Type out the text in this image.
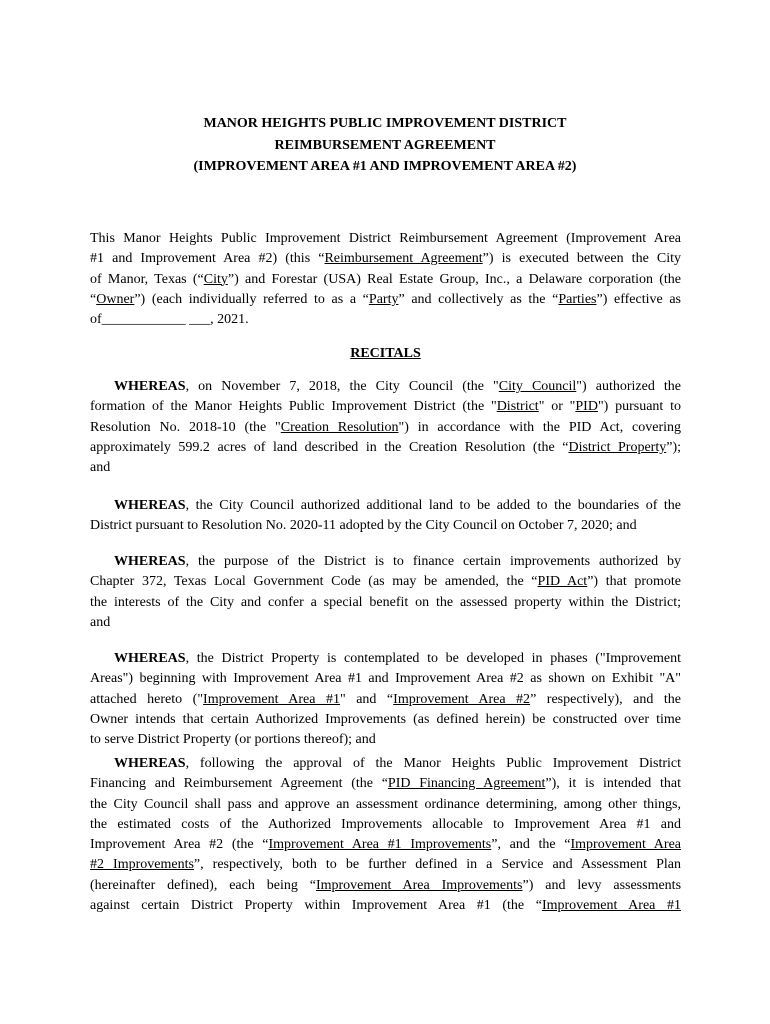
MANOR HEIGHTS PUBLIC IMPROVEMENT DISTRICT
REIMBURSEMENT AGREEMENT
(IMPROVEMENT AREA #1 AND IMPROVEMENT AREA #2)
This Manor Heights Public Improvement District Reimbursement Agreement (Improvement Area
#1 and Improvement Area #2) (this “Reimbursement Agreement”) is executed between the City
of Manor, Texas (“City”) and Forestar (USA) Real Estate Group, Inc., a Delaware corporation (the
“Owner”) (each individually referred to as a “Party” and collectively as the “Parties”) effective as
of____________ ___, 2021.
RECITALS
WHEREAS, on November 7, 2018, the City Council (the "City Council") authorized the
formation of the Manor Heights Public Improvement District (the "District" or "PID") pursuant to
Resolution No. 2018-10 (the "Creation Resolution") in accordance with the PID Act, covering
approximately 599.2 acres of land described in the Creation Resolution (the “District Property”);
and
WHEREAS, the City Council authorized additional land to be added to the boundaries of the
District pursuant to Resolution No. 2020-11 adopted by the City Council on October 7, 2020; and
WHEREAS, the purpose of the District is to finance certain improvements authorized by
Chapter 372, Texas Local Government Code (as may be amended, the “PID Act”) that promote
the interests of the City and confer a special benefit on the assessed property within the District;
and
WHEREAS, the District Property is contemplated to be developed in phases ("Improvement
Areas") beginning with Improvement Area #1 and Improvement Area #2 as shown on Exhibit "A"
attached hereto ("Improvement Area #1" and “Improvement Area #2” respectively), and the
Owner intends that certain Authorized Improvements (as defined herein) be constructed over time
to serve District Property (or portions thereof); and
WHEREAS, following the approval of the Manor Heights Public Improvement District
Financing and Reimbursement Agreement (the “PID Financing Agreement”), it is intended that
the City Council shall pass and approve an assessment ordinance determining, among other things,
the estimated costs of the Authorized Improvements allocable to Improvement Area #1 and
Improvement Area #2 (the “Improvement Area #1 Improvements”, and the “Improvement Area
#2 Improvements”, respectively, both to be further defined in a Service and Assessment Plan
(hereinafter defined), each being “Improvement Area Improvements”) and levy assessments
against certain District Property within Improvement Area #1 (the “Improvement Area #1
